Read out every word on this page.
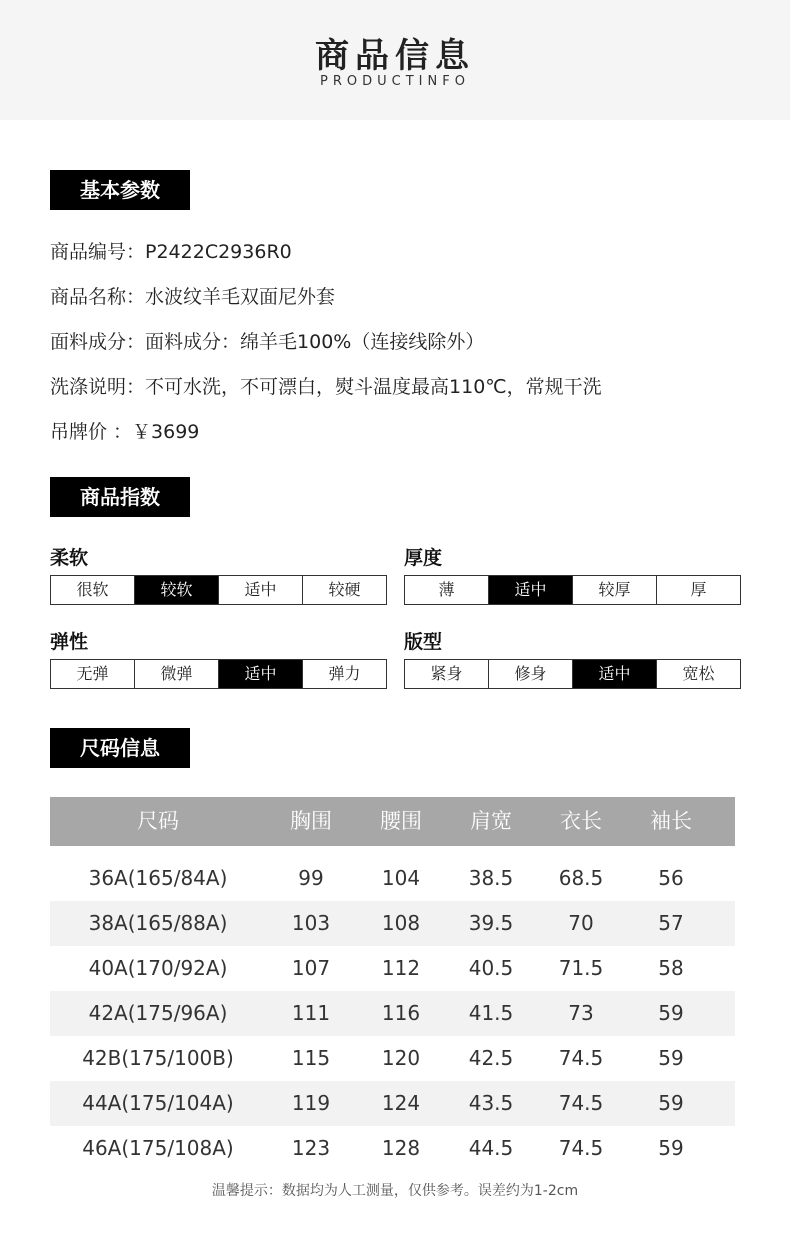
商品信息
PRODUCTINFO
基本参数
商品编号：P2422C2936R0
商品名称：水波纹羊毛双面尼外套
面料成分：面料成分：绵羊毛100%（连接线除外）
洗涤说明：不可水洗，不可漂白，熨斗温度最高110℃，常规干洗
吊牌价 ：￥3699
商品指数
柔软
很软	较软	适中	较硬
厚度
薄	适中	较厚	厚
弹性
无弹	微弹	适中	弹力
版型
紧身	修身	适中	宽松
尺码信息
尺码	胸围	腰围	肩宽	衣长	袖长
36A(165/84A)	99	104	38.5	68.5	56
38A(165/88A)	103	108	39.5	70	57
40A(170/92A)	107	112	40.5	71.5	58
42A(175/96A)	111	116	41.5	73	59
42B(175/100B)	115	120	42.5	74.5	59
44A(175/104A)	119	124	43.5	74.5	59
46A(175/108A)	123	128	44.5	74.5	59
温馨提示：数据均为人工测量，仅供参考。误差约为1-2cm
